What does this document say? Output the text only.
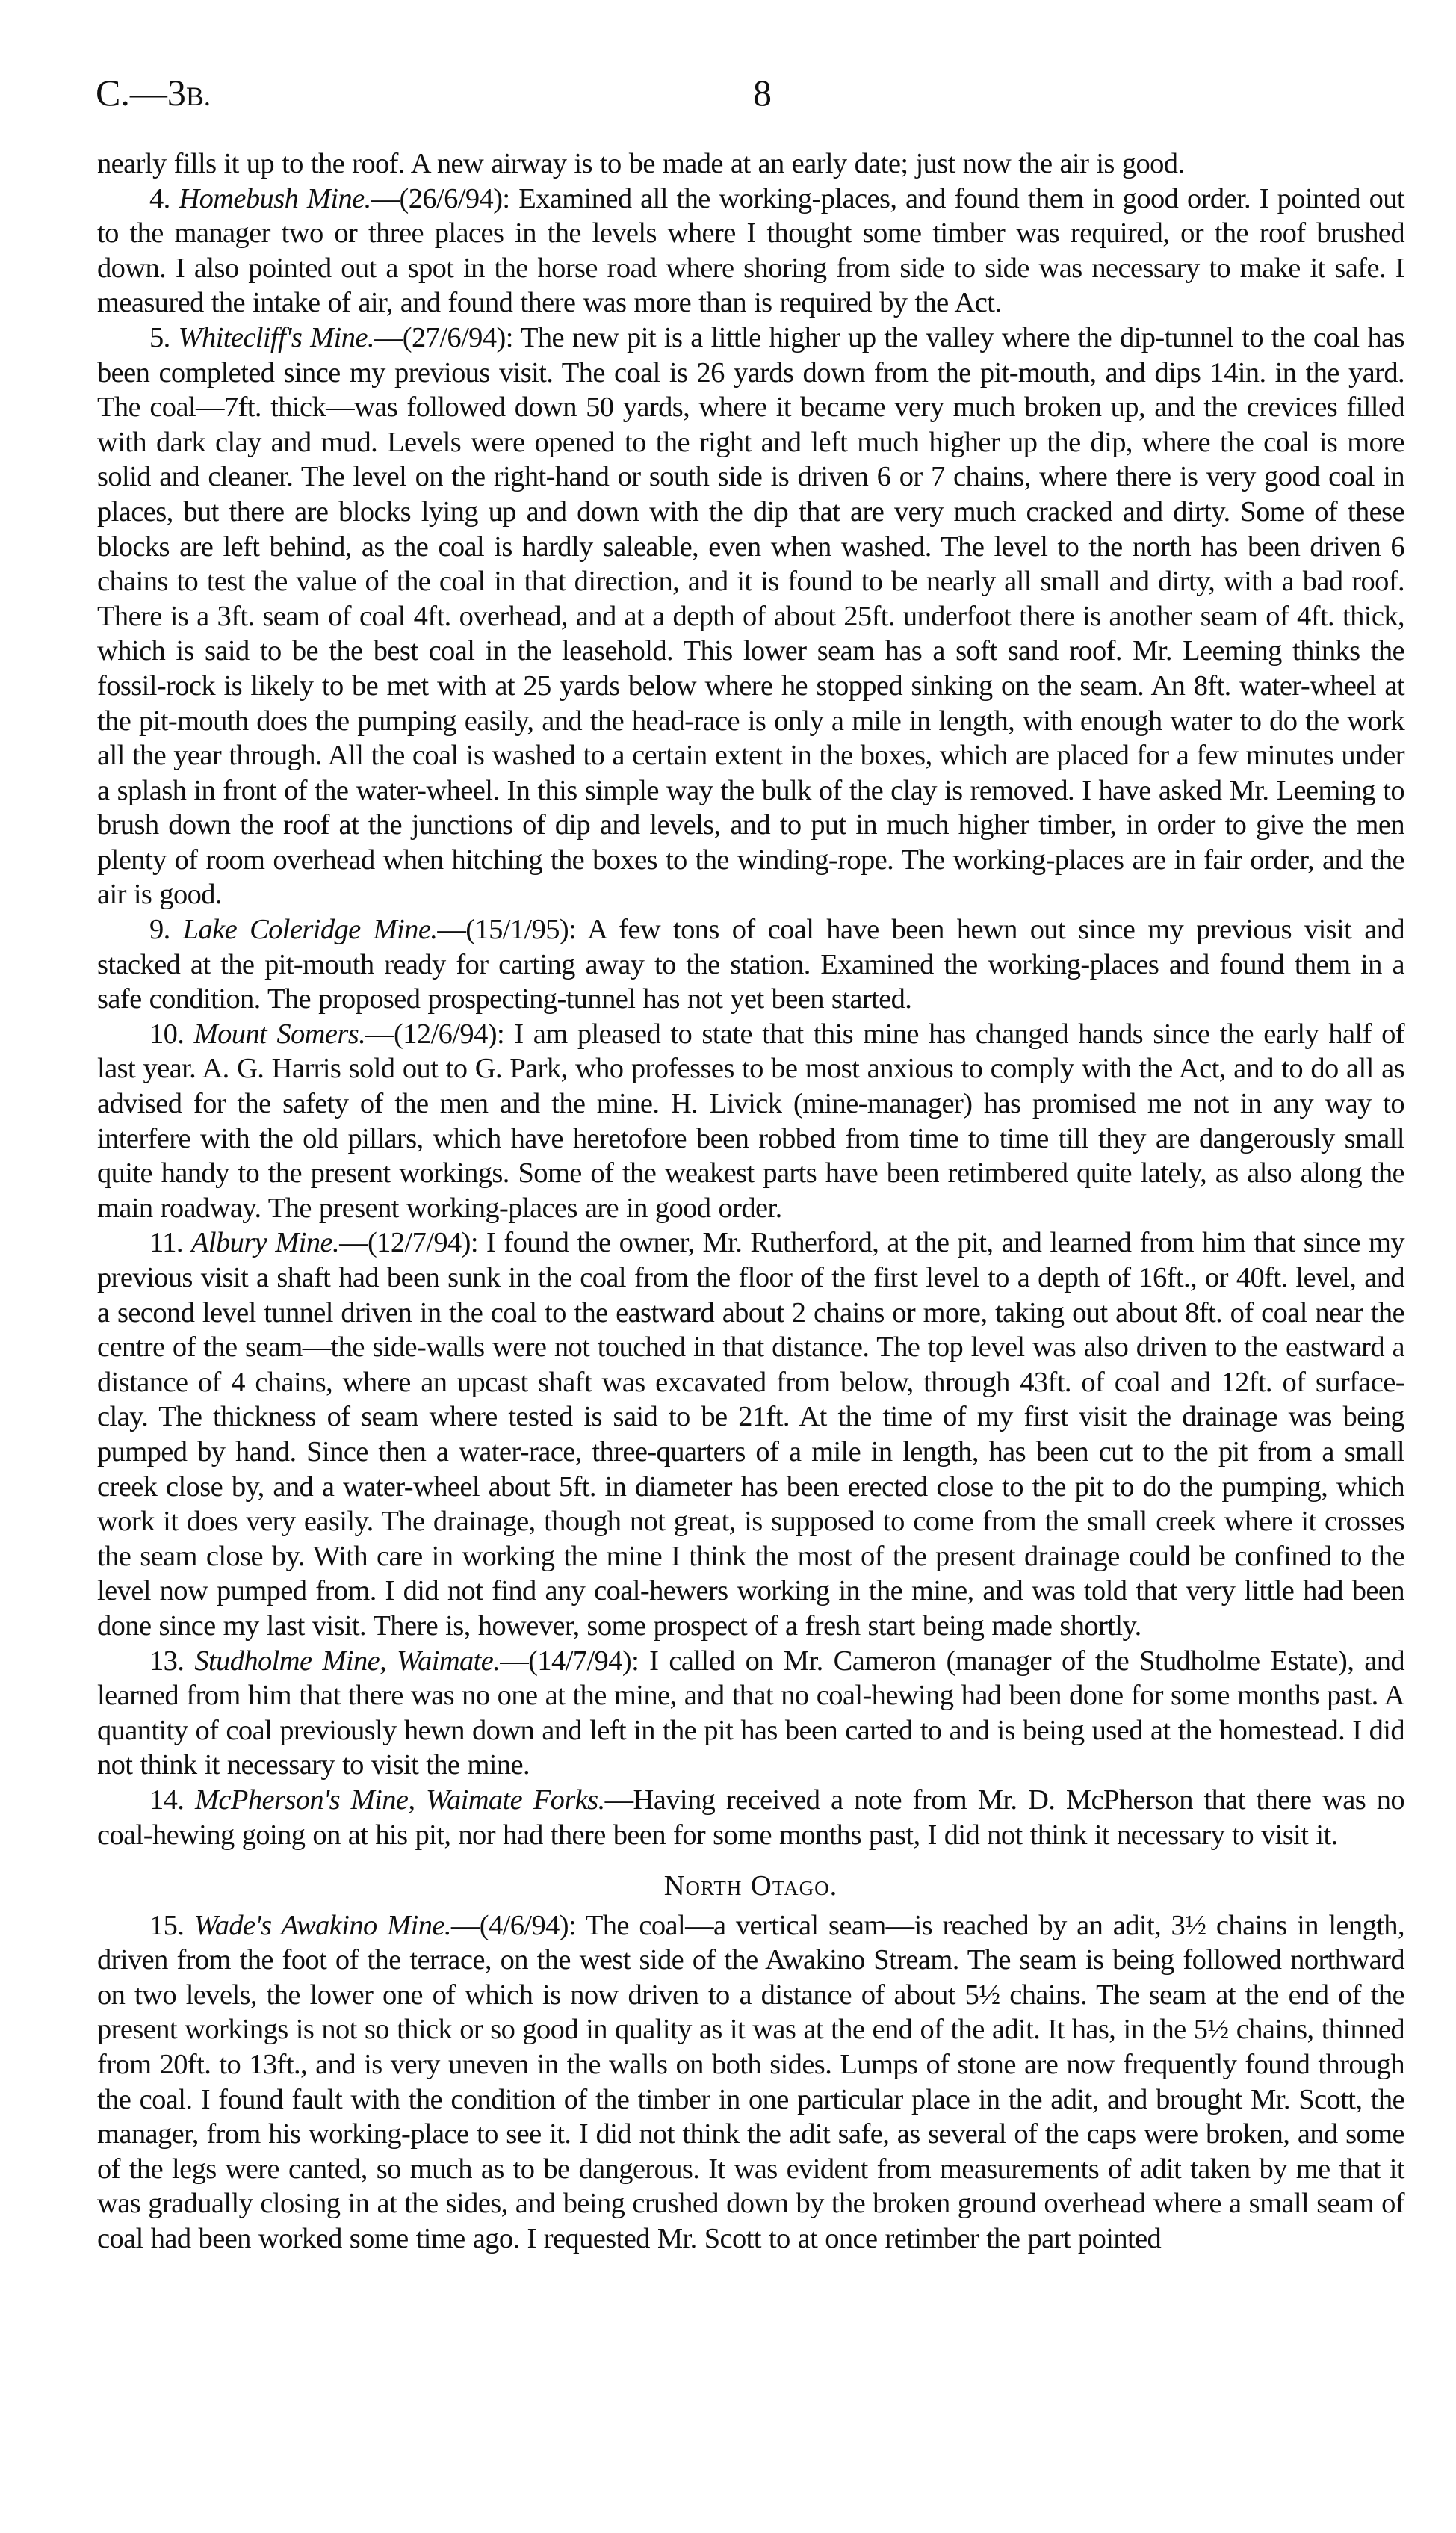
C.—3B.	8

nearly fills it up to the roof. A new airway is to be made at an early date; just now the air is good.

4. Homebush Mine.—(26/6/94): Examined all the working-places, and found them in good order. I pointed out to the manager two or three places in the levels where I thought some timber was required, or the roof brushed down. I also pointed out a spot in the horse road where shoring from side to side was necessary to make it safe. I measured the intake of air, and found there was more than is required by the Act.

5. Whitecliff's Mine.—(27/6/94): The new pit is a little higher up the valley where the dip-tunnel to the coal has been completed since my previous visit. The coal is 26 yards down from the pit-mouth, and dips 14in. in the yard. The coal—7ft. thick—was followed down 50 yards, where it became very much broken up, and the crevices filled with dark clay and mud. Levels were opened to the right and left much higher up the dip, where the coal is more solid and cleaner. The level on the right-hand or south side is driven 6 or 7 chains, where there is very good coal in places, but there are blocks lying up and down with the dip that are very much cracked and dirty. Some of these blocks are left behind, as the coal is hardly saleable, even when washed. The level to the north has been driven 6 chains to test the value of the coal in that direction, and it is found to be nearly all small and dirty, with a bad roof. There is a 3ft. seam of coal 4ft. overhead, and at a depth of about 25ft. underfoot there is another seam of 4ft. thick, which is said to be the best coal in the leasehold. This lower seam has a soft sand roof. Mr. Leeming thinks the fossil-rock is likely to be met with at 25 yards below where he stopped sinking on the seam. An 8ft. water-wheel at the pit-mouth does the pumping easily, and the head-race is only a mile in length, with enough water to do the work all the year through. All the coal is washed to a certain extent in the boxes, which are placed for a few minutes under a splash in front of the water-wheel. In this simple way the bulk of the clay is removed. I have asked Mr. Leeming to brush down the roof at the junctions of dip and levels, and to put in much higher timber, in order to give the men plenty of room overhead when hitching the boxes to the winding-rope. The working-places are in fair order, and the air is good.

9. Lake Coleridge Mine.—(15/1/95): A few tons of coal have been hewn out since my previous visit and stacked at the pit-mouth ready for carting away to the station. Examined the working-places and found them in a safe condition. The proposed prospecting-tunnel has not yet been started.

10. Mount Somers.—(12/6/94): I am pleased to state that this mine has changed hands since the early half of last year. A. G. Harris sold out to G. Park, who professes to be most anxious to comply with the Act, and to do all as advised for the safety of the men and the mine. H. Livick (mine-manager) has promised me not in any way to interfere with the old pillars, which have heretofore been robbed from time to time till they are dangerously small quite handy to the present workings. Some of the weakest parts have been retimbered quite lately, as also along the main roadway. The present working-places are in good order.

11. Albury Mine.—(12/7/94): I found the owner, Mr. Rutherford, at the pit, and learned from him that since my previous visit a shaft had been sunk in the coal from the floor of the first level to a depth of 16ft., or 40ft. level, and a second level tunnel driven in the coal to the eastward about 2 chains or more, taking out about 8ft. of coal near the centre of the seam—the side-walls were not touched in that distance. The top level was also driven to the eastward a distance of 4 chains, where an upcast shaft was excavated from below, through 43ft. of coal and 12ft. of surface-clay. The thickness of seam where tested is said to be 21ft. At the time of my first visit the drainage was being pumped by hand. Since then a water-race, three-quarters of a mile in length, has been cut to the pit from a small creek close by, and a water-wheel about 5ft. in diameter has been erected close to the pit to do the pumping, which work it does very easily. The drainage, though not great, is supposed to come from the small creek where it crosses the seam close by. With care in working the mine I think the most of the present drainage could be confined to the level now pumped from. I did not find any coal-hewers working in the mine, and was told that very little had been done since my last visit. There is, however, some prospect of a fresh start being made shortly.

13. Studholme Mine, Waimate.—(14/7/94): I called on Mr. Cameron (manager of the Studholme Estate), and learned from him that there was no one at the mine, and that no coal-hewing had been done for some months past. A quantity of coal previously hewn down and left in the pit has been carted to and is being used at the homestead. I did not think it necessary to visit the mine.

14. McPherson's Mine, Waimate Forks.—Having received a note from Mr. D. McPherson that there was no coal-hewing going on at his pit, nor had there been for some months past, I did not think it necessary to visit it.

North Otago.

15. Wade's Awakino Mine.—(4/6/94): The coal—a vertical seam—is reached by an adit, 3½ chains in length, driven from the foot of the terrace, on the west side of the Awakino Stream. The seam is being followed northward on two levels, the lower one of which is now driven to a distance of about 5½ chains. The seam at the end of the present workings is not so thick or so good in quality as it was at the end of the adit. It has, in the 5½ chains, thinned from 20ft. to 13ft., and is very uneven in the walls on both sides. Lumps of stone are now frequently found through the coal. I found fault with the condition of the timber in one particular place in the adit, and brought Mr. Scott, the manager, from his working-place to see it. I did not think the adit safe, as several of the caps were broken, and some of the legs were canted, so much as to be dangerous. It was evident from measurements of adit taken by me that it was gradually closing in at the sides, and being crushed down by the broken ground overhead where a small seam of coal had been worked some time ago. I requested Mr. Scott to at once retimber the part pointed
